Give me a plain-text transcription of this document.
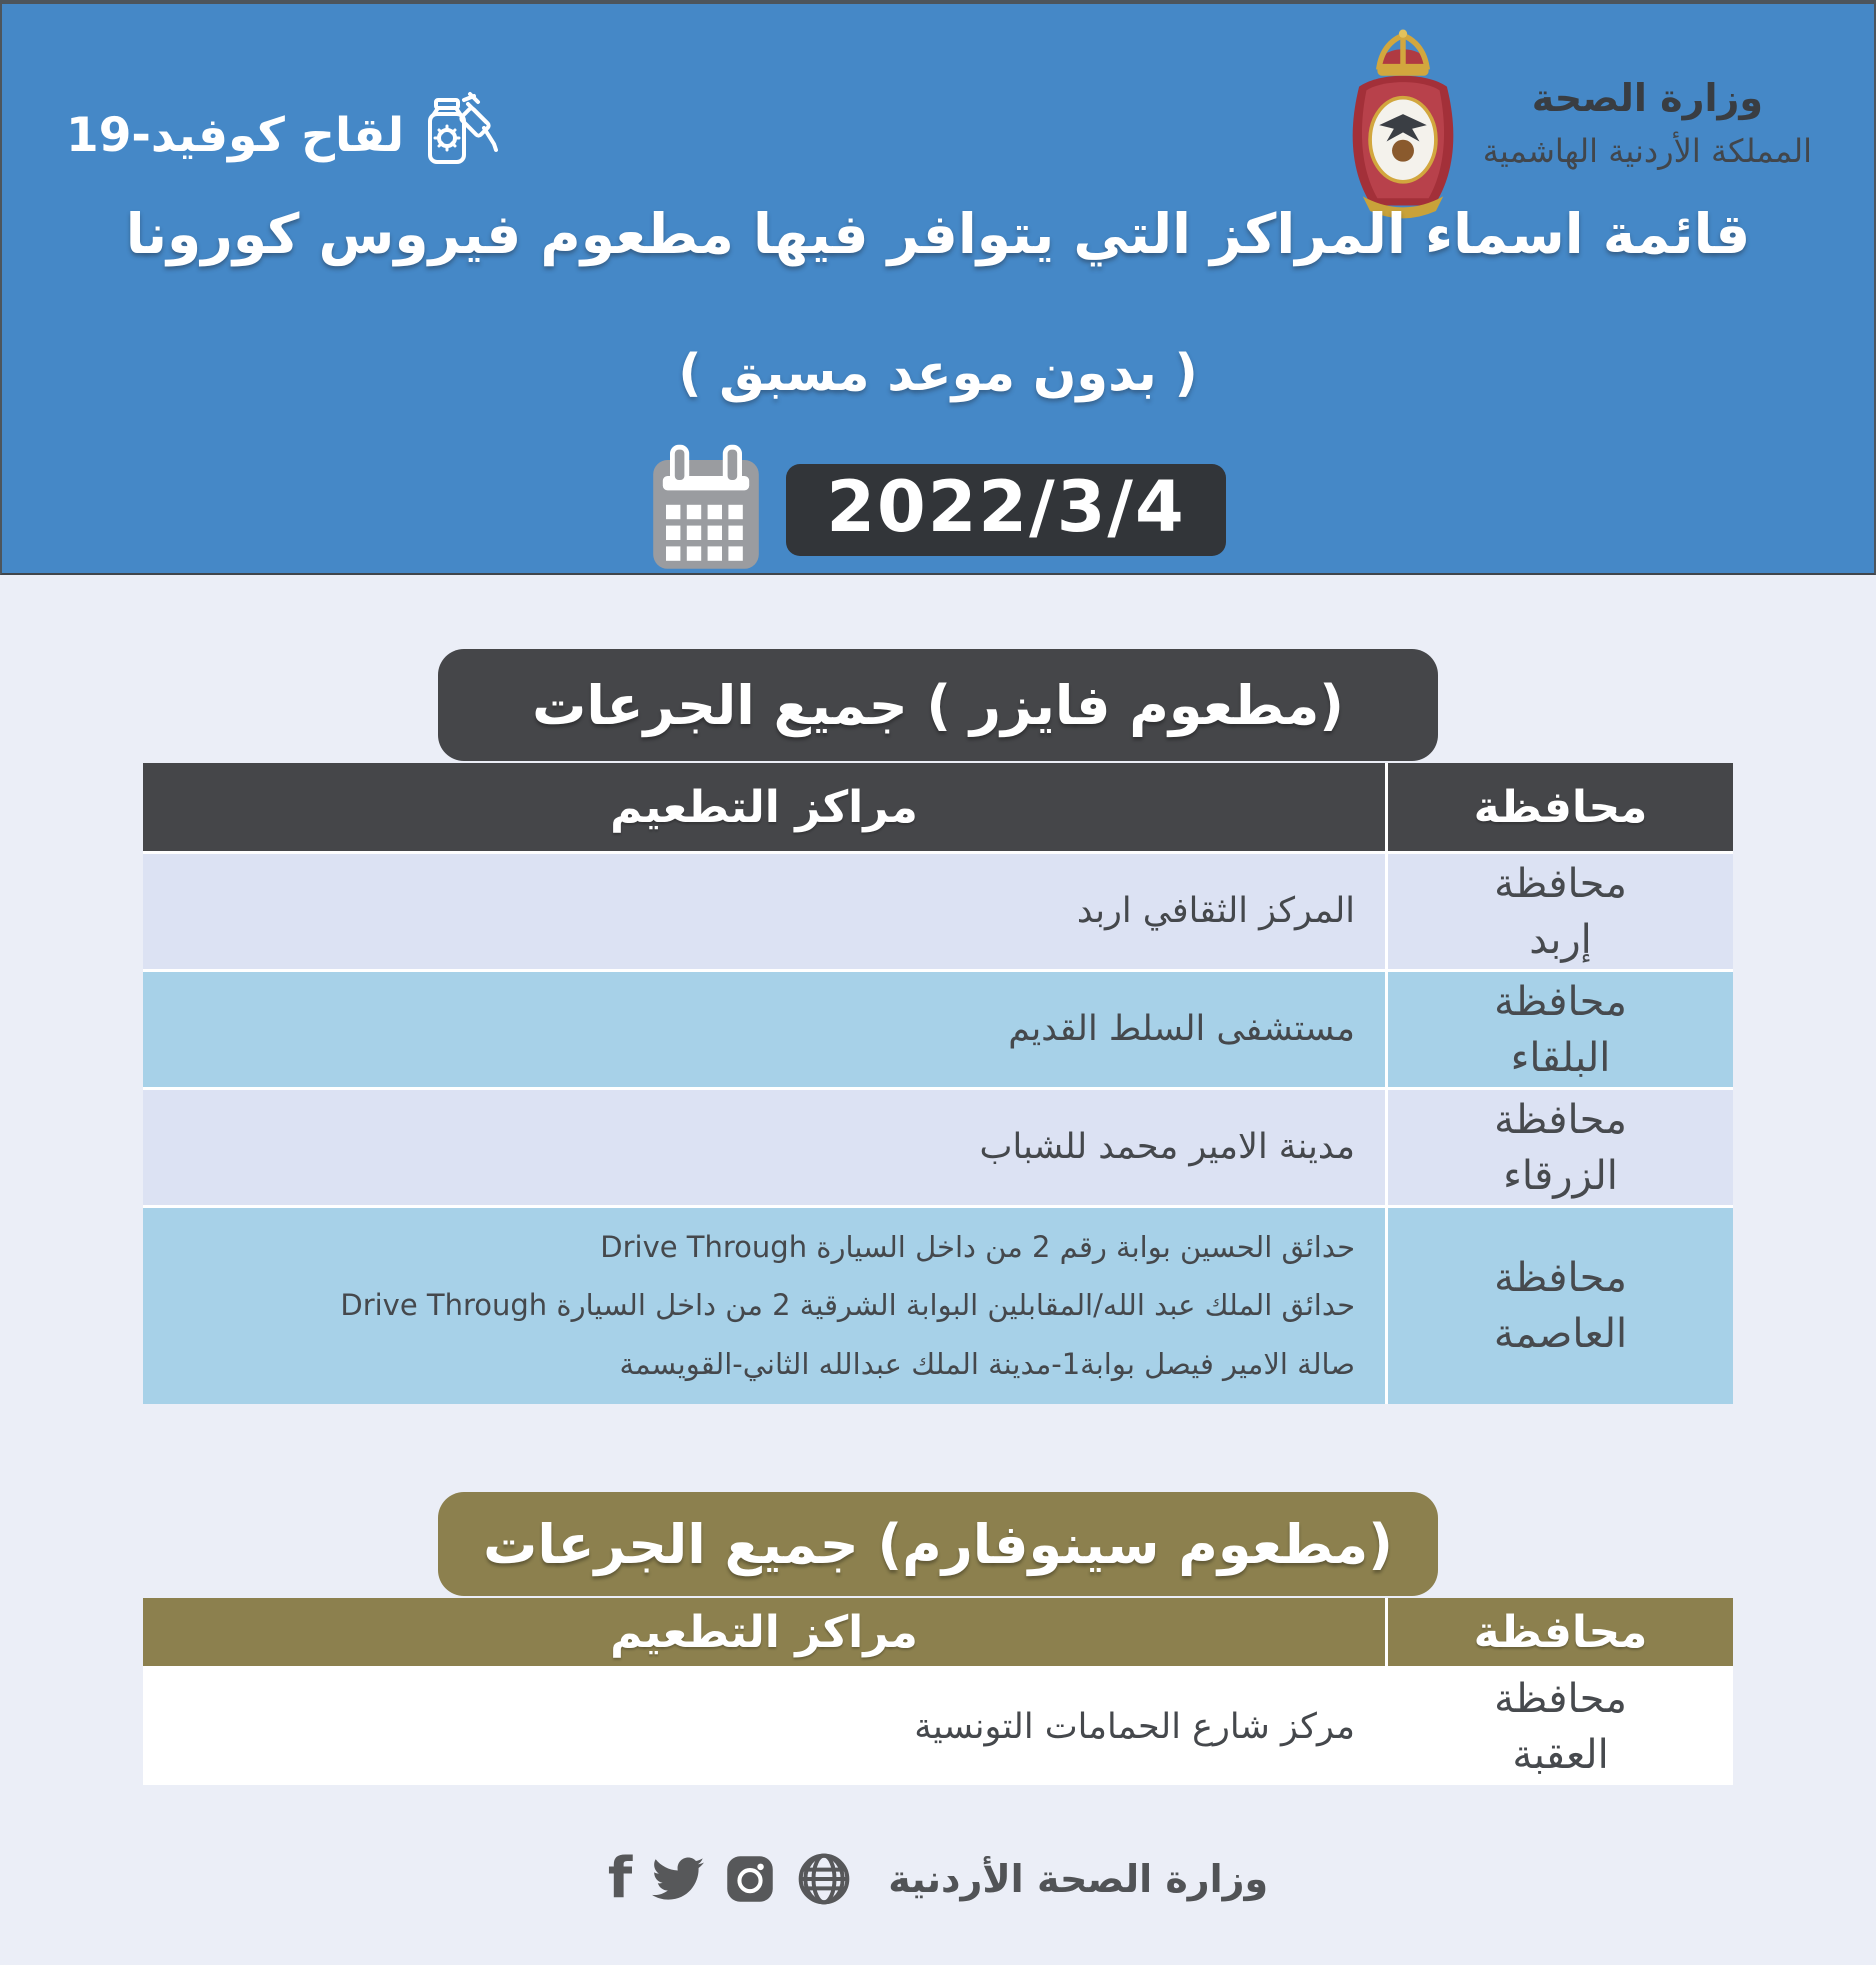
وزارة الصحة
المملكة الأردنية الهاشمية
لقاح كوفيد-19
قائمة اسماء المراكز التي يتوافر فيها مطعوم فيروس كورونا
( بدون موعد مسبق )
2022/3/4
(مطعوم فايزر ) جميع الجرعات
محافظة
مراكز التطعيم
محافظة
إربد
المركز الثقافي اربد
محافظة
البلقاء
مستشفى السلط القديم
محافظة
الزرقاء
مدينة الامير محمد للشباب
محافظة
العاصمة
حدائق الحسين بوابة رقم 2 من داخل السيارة Drive Through
حدائق الملك عبد الله/المقابلين البوابة الشرقية 2 من داخل السيارة Drive Through
صالة الامير فيصل بوابة1-مدينة الملك عبدالله الثاني-القويسمة
(مطعوم سينوفارم) جميع الجرعات
محافظة
مراكز التطعيم
محافظة
العقبة
مركز شارع الحمامات التونسية
f	وزارة الصحة الأردنية
